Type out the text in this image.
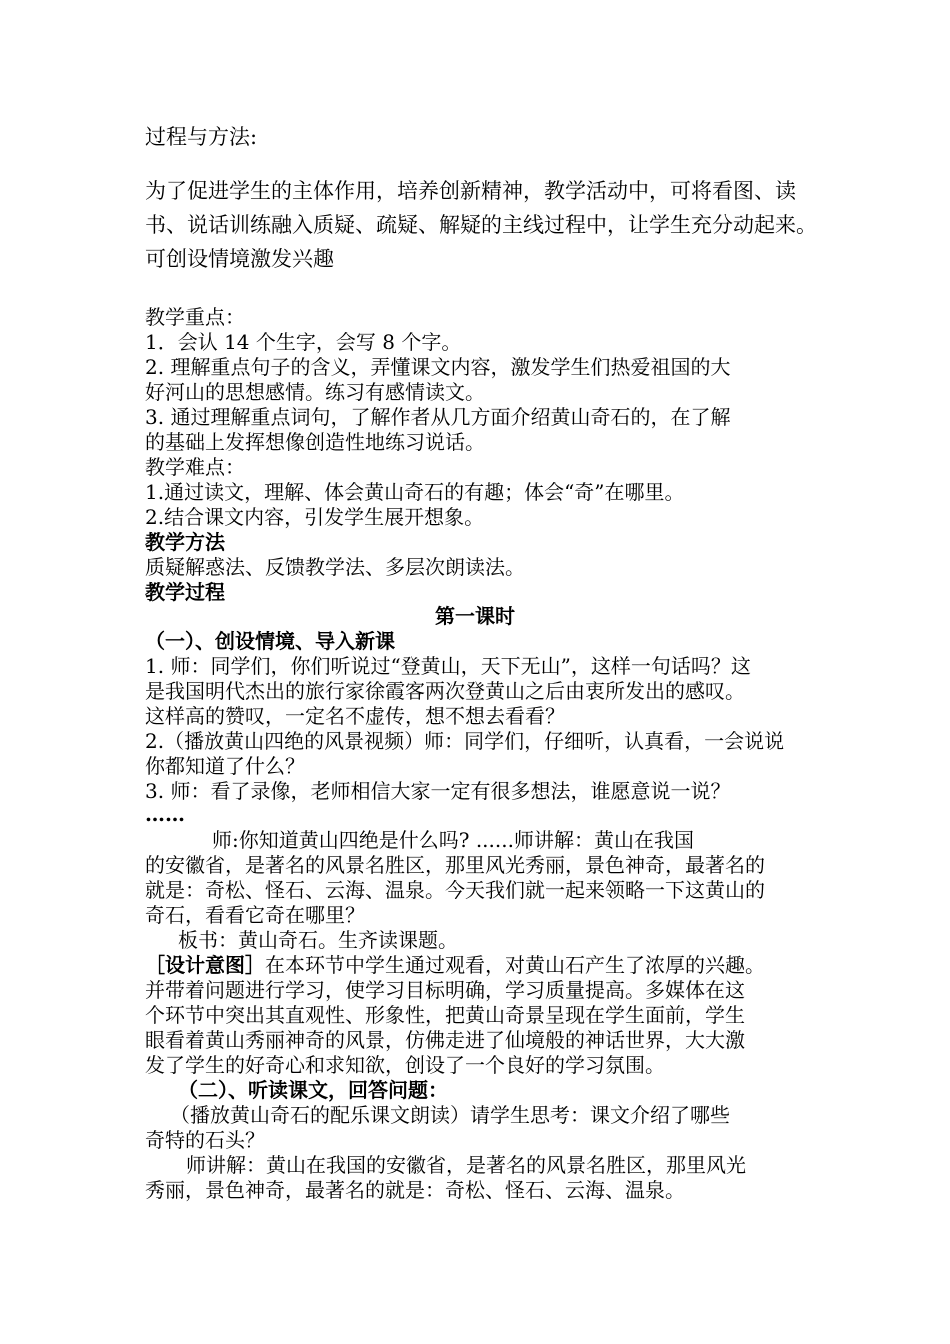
过程与方法:
为了促进学生的主体作用，培养创新精神，教学活动中，可将看图、读
书、说话训练融入质疑、疏疑、解疑的主线过程中，让学生充分动起来。
可创设情境激发兴趣
教学重点：
1．会认 14 个生字，会写 8 个字。
2. 理解重点句子的含义，弄懂课文内容，激发学生们热爱祖国的大
好河山的思想感情。练习有感情读文。
3. 通过理解重点词句，了解作者从几方面介绍黄山奇石的，在了解
的基础上发挥想像创造性地练习说话。
教学难点：
1.通过读文，理解、体会黄山奇石的有趣；体会“奇”在哪里。
2.结合课文内容，引发学生展开想象。
教学方法
质疑解惑法、反馈教学法、多层次朗读法。
教学过程
第一课时
（一）、创设情境、导入新课
1. 师：同学们，你们听说过“登黄山，天下无山”，这样一句话吗？这
是我国明代杰出的旅行家徐霞客两次登黄山之后由衷所发出的感叹。
这样高的赞叹，一定名不虚传，想不想去看看？
2.（播放黄山四绝的风景视频）师：同学们，仔细听，认真看，一会说说
你都知道了什么？
3. 师：看了录像，老师相信大家一定有很多想法，谁愿意说一说？
……
师:你知道黄山四绝是什么吗? ......师讲解：黄山在我国
的安徽省，是著名的风景名胜区，那里风光秀丽，景色神奇，最著名的
就是：奇松、怪石、云海、温泉。今天我们就一起来领略一下这黄山的
奇石，看看它奇在哪里？
板书：黄山奇石。生齐读课题。
［设计意图］在本环节中学生通过观看，对黄山石产生了浓厚的兴趣。
并带着问题进行学习，使学习目标明确，学习质量提高。多媒体在这
个环节中突出其直观性、形象性，把黄山奇景呈现在学生面前，学生
眼看着黄山秀丽神奇的风景，仿佛走进了仙境般的神话世界，大大激
发了学生的好奇心和求知欲，创设了一个良好的学习氛围。
（二）、听读课文，回答问题：
（播放黄山奇石的配乐课文朗读）请学生思考：课文介绍了哪些
奇特的石头？
师讲解：黄山在我国的安徽省，是著名的风景名胜区，那里风光
秀丽，景色神奇，最著名的就是：奇松、怪石、云海、温泉。
